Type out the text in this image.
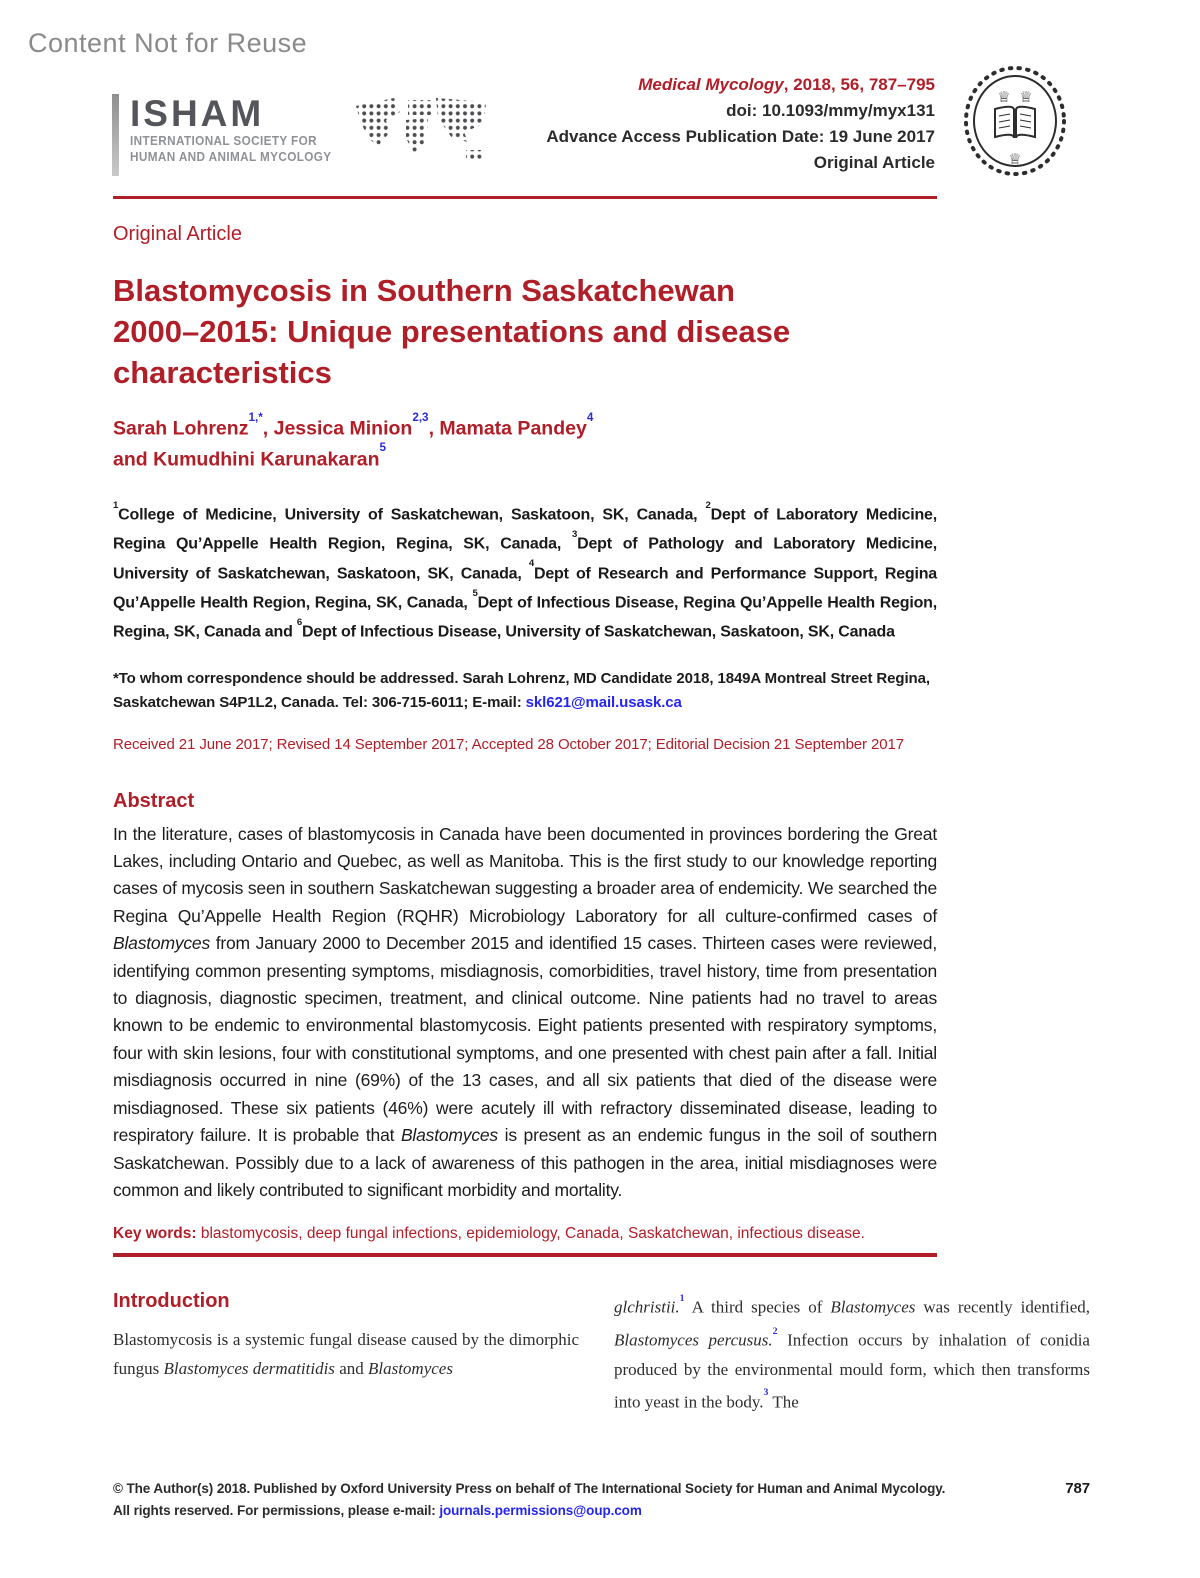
Content Not for Reuse
ISHAM
INTERNATIONAL SOCIETY FOR
HUMAN AND ANIMAL MYCOLOGY
Medical Mycology, 2018, 56, 787–795
doi: 10.1093/mmy/myx131
Advance Access Publication Date: 19 June 2017
Original Article
♕ ♕
♕
Original Article
Blastomycosis in Southern Saskatchewan
2000–2015: Unique presentations and disease
characteristics
Sarah Lohrenz$^{1,*}$, Jessica Minion$^{2,3}$, Mamata Pandey$^4$
and Kumudhini Karunakaran$^5$

$^1$College of Medicine, University of Saskatchewan, Saskatoon, SK, Canada, $^2$Dept of Laboratory Medicine, Regina Qu’Appelle Health Region, Regina, SK, Canada, $^3$Dept of Pathology and Laboratory Medicine, University of Saskatchewan, Saskatoon, SK, Canada, $^4$Dept of Research and Performance Support, Regina Qu’Appelle Health Region, Regina, SK, Canada, $^5$Dept of Infectious Disease, Regina Qu’Appelle Health Region, Regina, SK, Canada and $^6$Dept of Infectious Disease, University of Saskatchewan, Saskatoon, SK, Canada

*To whom correspondence should be addressed. Sarah Lohrenz, MD Candidate 2018, 1849A Montreal Street Regina, Saskatchewan S4P1L2, Canada. Tel: 306-715-6011; E-mail: skl621@mail.usask.ca

Received 21 June 2017; Revised 14 September 2017; Accepted 28 October 2017; Editorial Decision 21 September 2017
Abstract

In the literature, cases of blastomycosis in Canada have been documented in provinces bordering the Great Lakes, including Ontario and Quebec, as well as Manitoba. This is the first study to our knowledge reporting cases of mycosis seen in southern Saskatchewan suggesting a broader area of endemicity. We searched the Regina Qu’Appelle Health Region (RQHR) Microbiology Laboratory for all culture-confirmed cases of Blastomyces from January 2000 to December 2015 and identified 15 cases. Thirteen cases were reviewed, identifying common presenting symptoms, misdiagnosis, comorbidities, travel history, time from presentation to diagnosis, diagnostic specimen, treatment, and clinical outcome. Nine patients had no travel to areas known to be endemic to environmental blastomycosis. Eight patients presented with respiratory symptoms, four with skin lesions, four with constitutional symptoms, and one presented with chest pain after a fall. Initial misdiagnosis occurred in nine (69%) of the 13 cases, and all six patients that died of the disease were misdiagnosed. These six patients (46%) were acutely ill with refractory disseminated disease, leading to respiratory failure. It is probable that Blastomyces is present as an endemic fungus in the soil of southern Saskatchewan. Possibly due to a lack of awareness of this pathogen in the area, initial misdiagnoses were common and likely contributed to significant morbidity and mortality.

Key words: blastomycosis, deep fungal infections, epidemiology, Canada, Saskatchewan, infectious disease.
Introduction

Blastomycosis is a systemic fungal disease caused by the dimorphic fungus Blastomyces dermatitidis and Blastomyces

glchristii.$^1$ A third species of Blastomyces was recently identified, Blastomyces percusus.$^2$ Infection occurs by inhalation of conidia produced by the environmental mould form, which then transforms into yeast in the body.$^3$ The

© The Author(s) 2018. Published by Oxford University Press on behalf of The International Society for Human and Animal Mycology.	787
All rights reserved. For permissions, please e-mail: journals.permissions@oup.com
